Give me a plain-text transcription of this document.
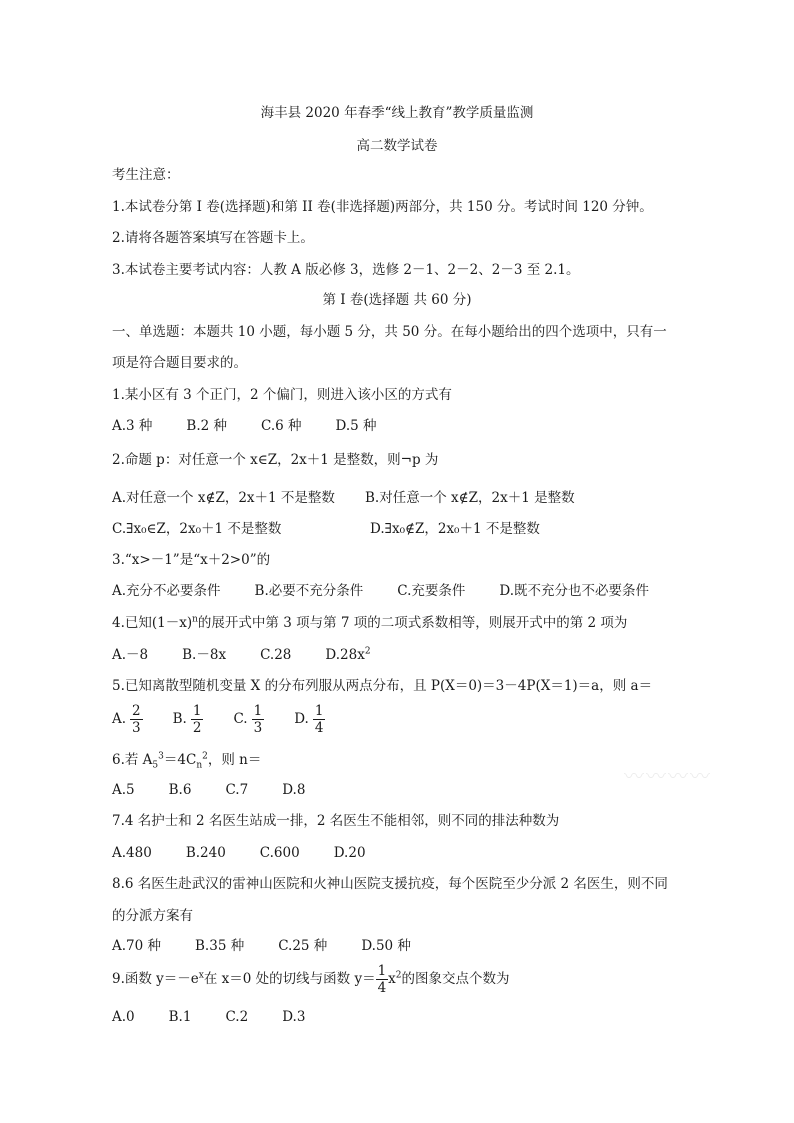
海丰县 2020 年春季“线上教育”教学质量监测
高二数学试卷
考生注意：
1.本试卷分第 I 卷(选择题)和第 II 卷(非选择题)两部分，共 150 分。考试时间 120 分钟。
2.请将各题答案填写在答题卡上。
3.本试卷主要考试内容：人教 A 版必修 3，选修 2－1、2－2、2－3 至 2.1。
第 I 卷(选择题 共 60 分)
一、单选题：本题共 10 小题，每小题 5 分，共 50 分。在每小题给出的四个选项中，只有一
项是符合题目要求的。
1.某小区有 3 个正门，2 个偏门，则进入该小区的方式有
A.3 种	B.2 种	C.6 种	D.5 种
2.命题 p：对任意一个 x∈Z，2x＋1 是整数，则¬p 为
A.对任意一个 x∉Z，2x＋1 不是整数 B.对任意一个 x∉Z，2x＋1 是整数
C.∃x₀∈Z，2x₀＋1 不是整数	D.∃x₀∉Z，2x₀＋1 不是整数
3.“x>－1”是“x＋2>0”的
A.充分不必要条件	B.必要不充分条件	C.充要条件	D.既不充分也不必要条件
4.已知$(1-x)^n$的展开式中第 3 项与第 7 项的二项式系数相等，则展开式中的第 2 项为
A.－8	B.－8x	C.28	$D.28x^2$
5.已知离散型随机变量 X 的分布列服从两点分布，且 P(X＝0)＝3－4P(X＝1)＝a，则 a＝
A. $\frac{2}{3} B$. $\frac{1}{2} C$. $\frac{1}{3} D$. $\frac{1}{4}$
6.若 $A_5^3=4C_n^2$，则 n＝
A.5	B.6	C.7	D.8
7.4 名护士和 2 名医生站成一排，2 名医生不能相邻，则不同的排法种数为
A.480	B.240	C.600	D.20
8.6 名医生赴武汉的雷神山医院和火神山医院支援抗疫，每个医院至少分派 2 名医生，则不同
的分派方案有
A.70 种	B.35 种	C.25 种	D.50 种
9.函数 $y=-e^x$在 x＝0 处的切线与函数 $y= \frac{1}{4} x^2$的图象交点个数为
A.0	B.1	C.2	D.3
〰〰〰〰
